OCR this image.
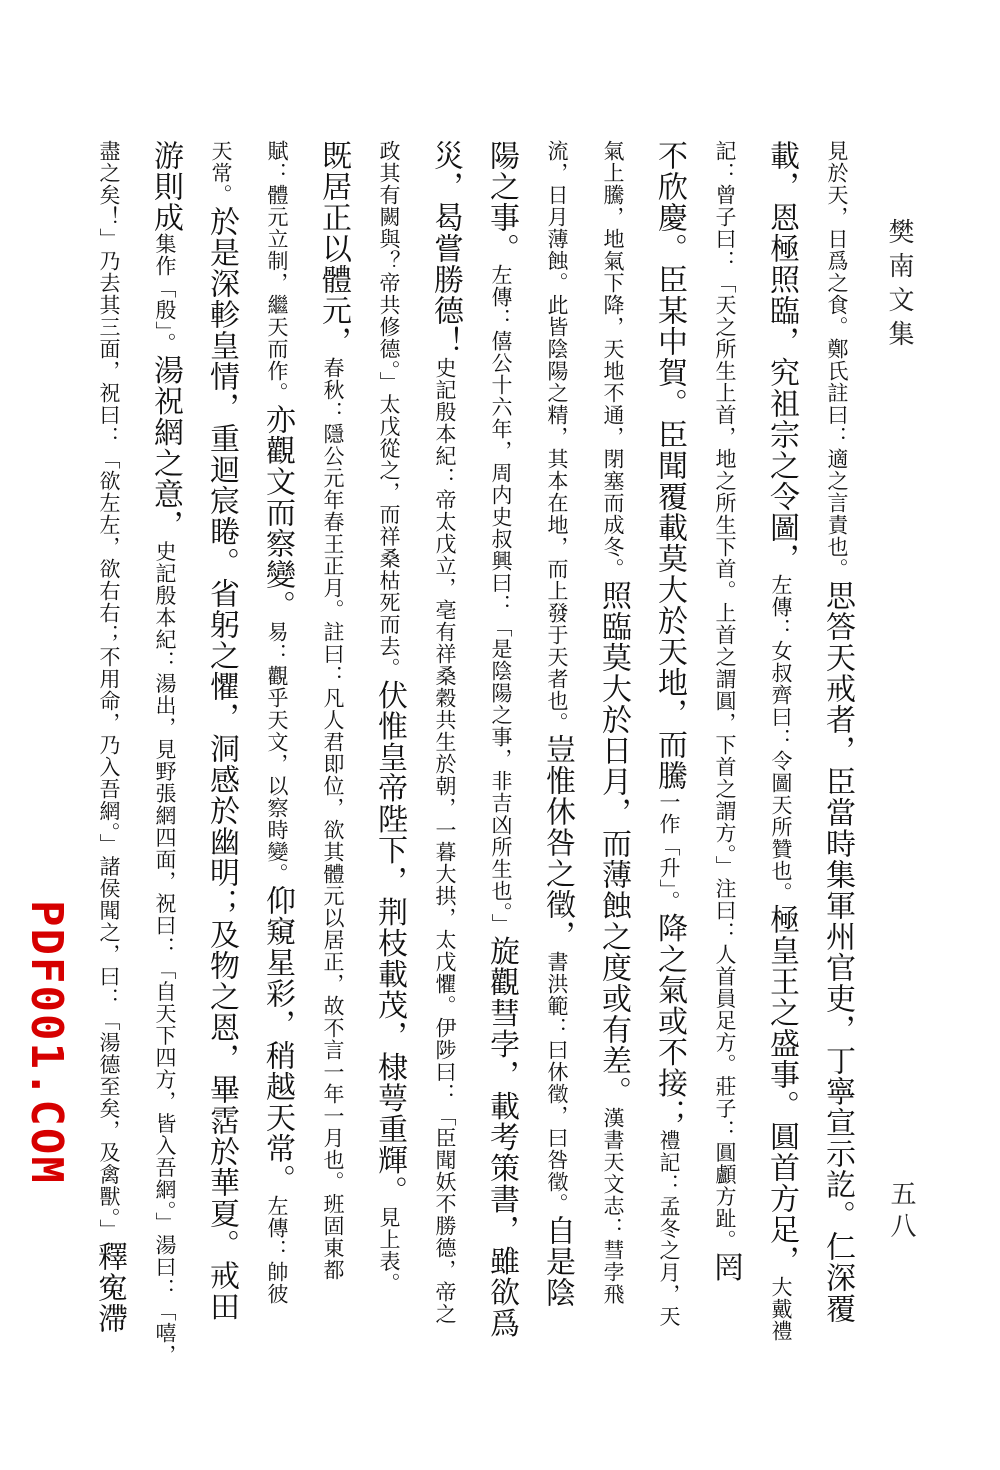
樊南文集
五八

見於天，日爲之食。鄭氏註曰：適之言責也。思答天戒者，臣當時集軍州官吏，丁寧宣示訖。仁深覆

載，恩極照臨，究祖宗之令圖，左傳：女叔齊曰：令圖天所贊也。極皇王之盛事。圓首方足，大戴禮

記：曾子曰：「天之所生上首，地之所生下首。上首之謂圓，下首之謂方。」注曰：人首員足方。莊子：圓顱方趾。罔

不欣慶。臣某中賀。臣聞覆載莫大於天地，而騰一作「升」。降之氣或不接；禮記：孟冬之月，天

氣上騰，地氣下降，天地不通，閉塞而成冬。照臨莫大於日月，而薄蝕之度或有差。漢書天文志：彗孛飛

流，日月薄蝕。此皆陰陽之精，其本在地，而上發于天者也。豈惟休咎之徵，書洪範：曰休徵，曰咎徵。自是陰

陽之事。左傳：僖公十六年，周内史叔興曰：「是陰陽之事，非吉凶所生也。」旋觀彗孛，載考策書，雖欲爲

災，曷嘗勝德！史記殷本紀：帝太戊立，亳有祥桑穀共生於朝，一暮大拱，太戊懼。伊陟曰：「臣聞妖不勝德，帝之

政其有闕與？帝共修德。」太戊從之，而祥桑枯死而去。伏惟皇帝陛下，荆枝載茂，棣萼重輝。見上表。

既居正以體元，春秋：隱公元年春王正月。註曰：凡人君即位，欲其體元以居正，故不言一年一月也。班固東都

賦：體元立制，繼天而作。亦觀文而察變。易：觀乎天文，以察時變。仰窺星彩，稍越天常。左傳：帥彼

天常。於是深軫皇情，重迴宸睠。省躬之懼，洞感於幽明；及物之恩，畢霑於華夏。戒田

游則成集作「殷」。湯祝網之意，史記殷本紀：湯出，見野張網四面，祝曰：「自天下四方，皆入吾網。」湯曰：「嘻，

盡之矣！」乃去其三面，祝曰：「欲左左，欲右右；不用命，乃入吾網。」諸侯聞之，曰：「湯德至矣，及禽獸。」釋寃滯

PDF001.COM
